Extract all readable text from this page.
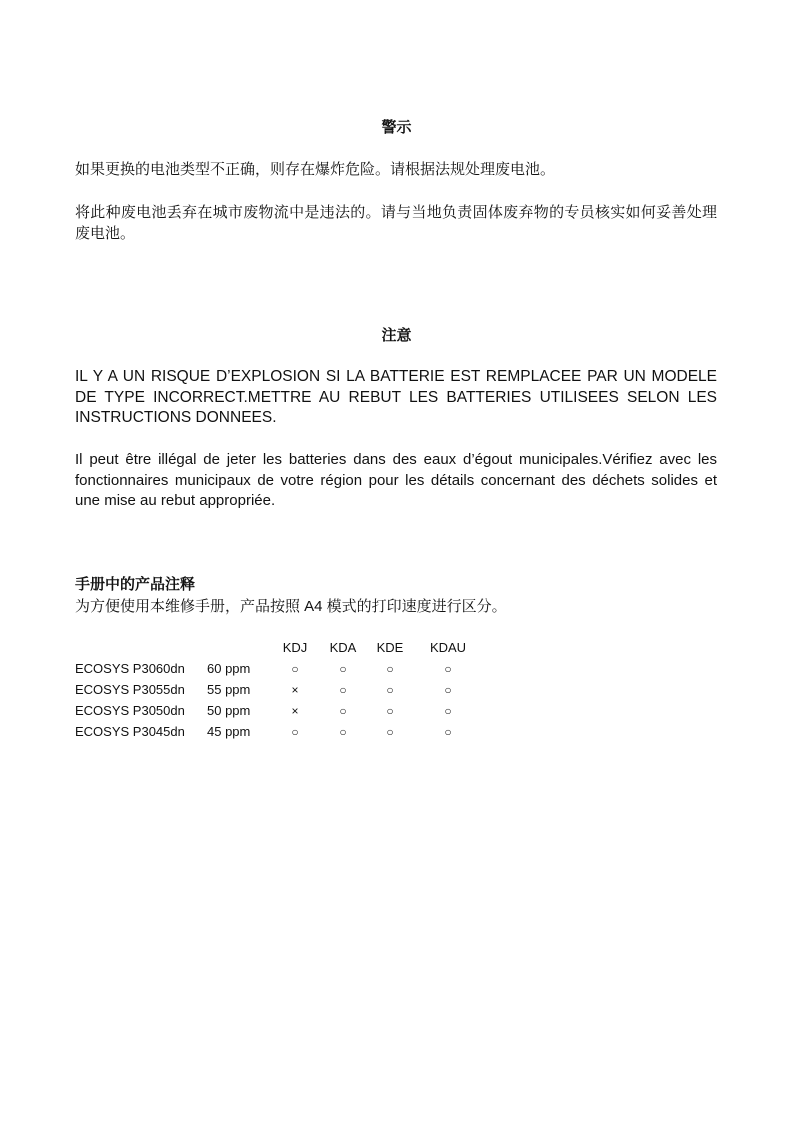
警示

如果更换的电池类型不正确，则存在爆炸危险。请根据法规处理废电池。

将此种废电池丢弃在城市废物流中是违法的。请与当地负责固体废弃物的专员核实如何妥善处理废电池。

注意

IL Y A UN RISQUE D’EXPLOSION SI LA BATTERIE EST REMPLACEE PAR UN MODELE DE TYPE INCORRECT.METTRE AU REBUT LES BATTERIES UTILISEES SELON LES INSTRUCTIONS DONNEES.

Il peut être illégal de jeter les batteries dans des eaux d’égout municipales.Vérifiez avec les fonctionnaires municipaux de votre région pour les détails concernant des déchets solides et une mise au rebut appropriée.

手册中的产品注释

为方便使用本维修手册，产品按照 A4 模式的打印速度进行区分。

		KDJ	KDA	KDE	KDAU
ECOSYS P3060dn	60 ppm	○	○	○	○
ECOSYS P3055dn	55 ppm	×	○	○	○
ECOSYS P3050dn	50 ppm	×	○	○	○
ECOSYS P3045dn	45 ppm	○	○	○	○
